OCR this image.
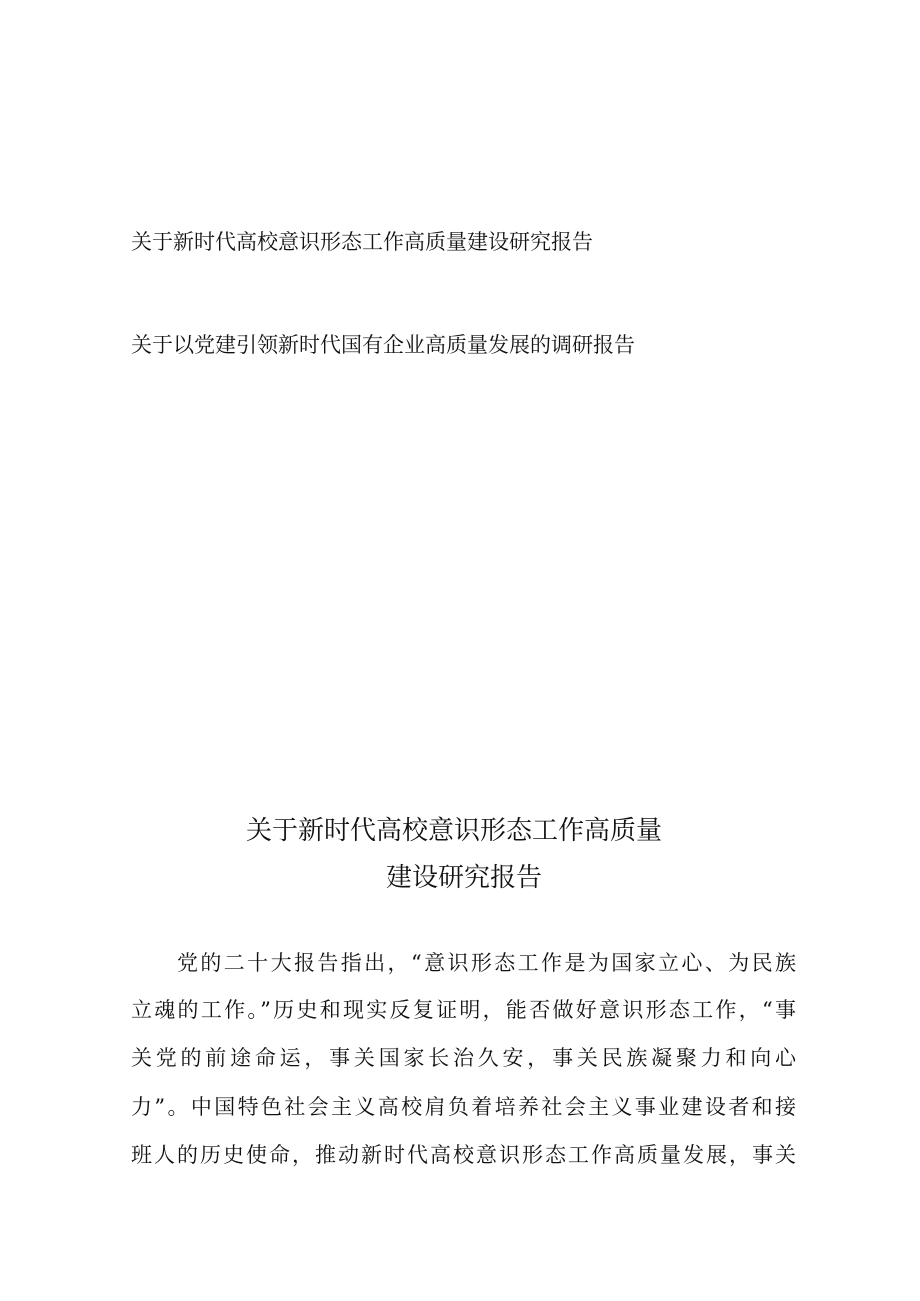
关于新时代高校意识形态工作高质量建设研究报告
关于以党建引领新时代国有企业高质量发展的调研报告
关于新时代高校意识形态工作高质量
建设研究报告
党的二十大报告指出，“意识形态工作是为国家立心、为民族
立魂的工作。”历史和现实反复证明，能否做好意识形态工作，“事
关党的前途命运，事关国家长治久安，事关民族凝聚力和向心
力”。中国特色社会主义高校肩负着培养社会主义事业建设者和接
班人的历史使命，推动新时代高校意识形态工作高质量发展，事关
